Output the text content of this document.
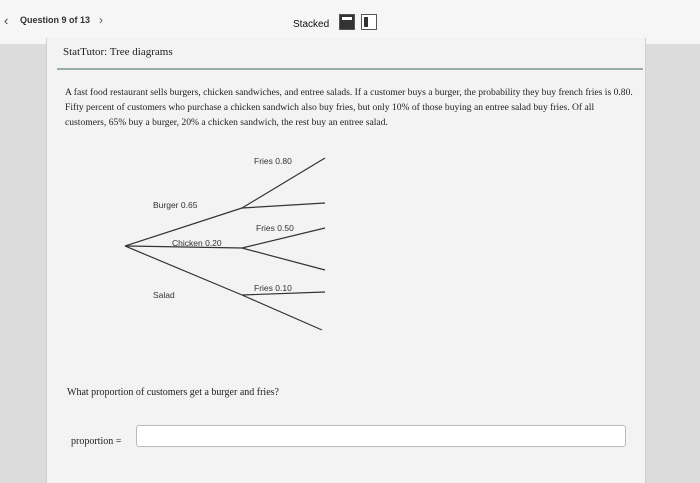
‹ Question 9 of 13 ›	Stacked
StatTutor: Tree diagrams
A fast food restaurant sells burgers, chicken sandwiches, and entree salads. If a customer buys a burger, the probability they buy french fries is 0.80. Fifty percent of customers who purchase a chicken sandwich also buy fries, but only 10% of those buying an entree salad buy fries. Of all customers, 65% buy a burger, 20% a chicken sandwich, the rest buy an entree salad.
Fries 0.80
Burger 0.65
Fries 0.50
Chicken 0.20
Fries 0.10
Salad
What proportion of customers get a burger and fries?
proportion =
